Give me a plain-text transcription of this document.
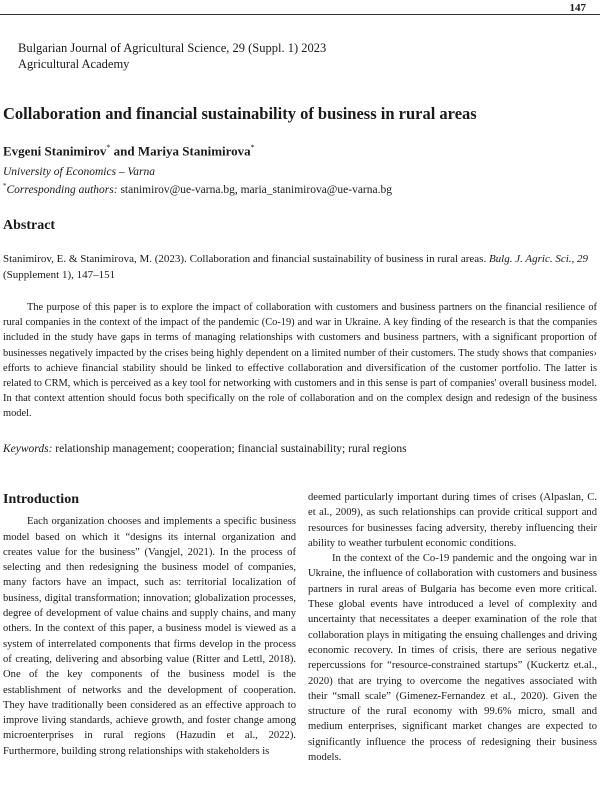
147
Bulgarian Journal of Agricultural Science, 29 (Suppl. 1) 2023
Agricultural Academy
Collaboration and financial sustainability of business in rural areas
Evgeni Stanimirov* and Mariya Stanimirova*
University of Economics – Varna
*Corresponding authors: stanimirov@ue-varna.bg, maria_stanimirova@ue-varna.bg
Abstract
Stanimirov, E. & Stanimirova, M. (2023). Collaboration and financial sustainability of business in rural areas. Bulg. J. Agric. Sci., 29 (Supplement 1), 147–151

The purpose of this paper is to explore the impact of collaboration with customers and business partners on the financial resilience of rural companies in the context of the impact of the pandemic (Co-19) and war in Ukraine. A key finding of the research is that the companies included in the study have gaps in terms of managing relationships with customers and business partners, with a significant proportion of businesses negatively impacted by the crises being highly dependent on a limited number of their customers. The study shows that companies› efforts to achieve financial stability should be linked to effective collaboration and diversification of the customer portfolio. The latter is related to CRM, which is perceived as a key tool for networking with customers and in this sense is part of companies' overall business model. In that context attention should focus both specifically on the role of collaboration and on the complex design and redesign of the business model.

Keywords: relationship management; cooperation; financial sustainability; rural regions
Introduction

Each organization chooses and implements a specific business model based on which it “designs its internal organization and creates value for the business” (Vangjel, 2021). In the process of selecting and then redesigning the business model of companies, many factors have an impact, such as: territorial localization of business, digital transformation; innovation; globalization processes, degree of development of value chains and supply chains, and many others. In the context of this paper, a business model is viewed as a system of interrelated components that firms develop in the process of creating, delivering and absorbing value (Ritter and Lettl, 2018). One of the key components of the business model is the establishment of networks and the development of cooperation. They have traditionally been considered as an effective approach to improve living standards, achieve growth, and foster change among microenterprises in rural regions (Hazudin et al., 2022). Furthermore, building strong relationships with stakeholders is

deemed particularly important during times of crises (Alpaslan, C. et al., 2009), as such relationships can provide critical support and resources for businesses facing adversity, thereby influencing their ability to weather turbulent economic conditions.

In the context of the Co-19 pandemic and the ongoing war in Ukraine, the influence of collaboration with customers and business partners in rural areas of Bulgaria has become even more critical. These global events have introduced a level of complexity and uncertainty that necessitates a deeper examination of the role that collaboration plays in mitigating the ensuing challenges and driving economic recovery. In times of crisis, there are serious negative repercussions for “resource-constrained startups” (Kuckertz et.al., 2020) that are trying to overcome the negatives associated with their “small scale” (Gimenez-Fernandez et al., 2020). Given the structure of the rural economy with 99.6% micro, small and medium enterprises, significant market changes are expected to significantly influence the process of redesigning their business models.
